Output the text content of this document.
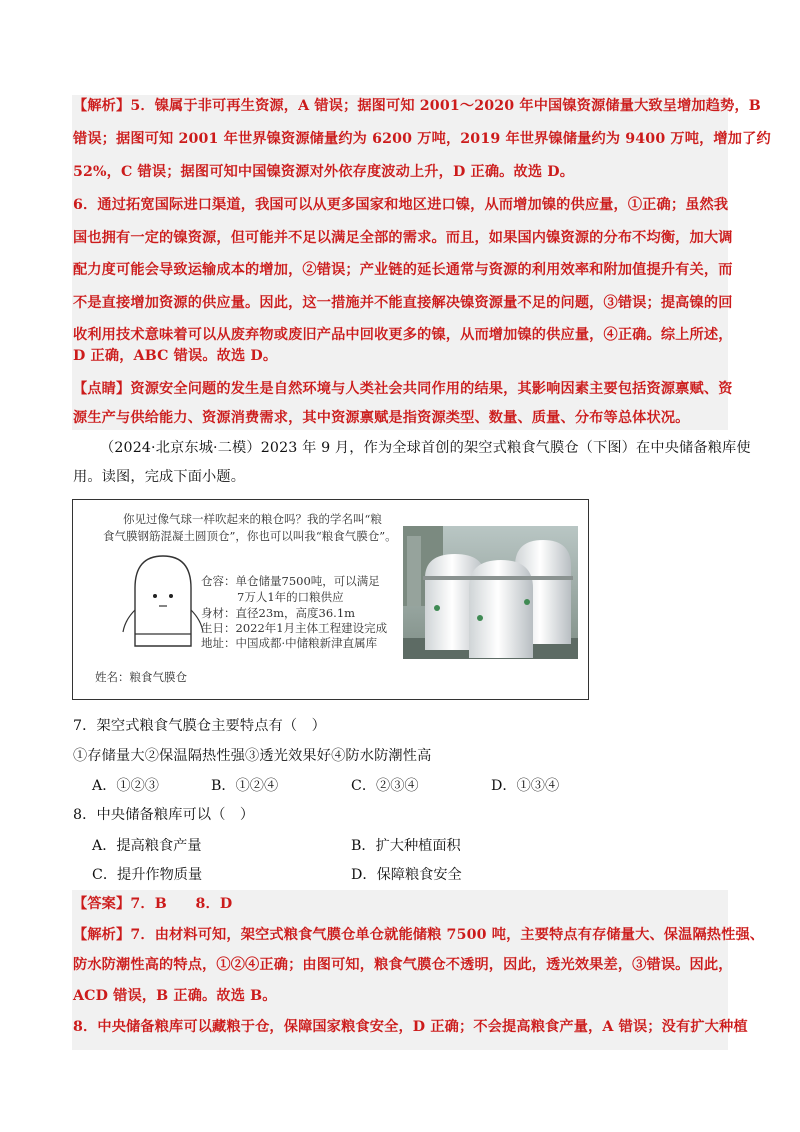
【解析】5．镍属于非可再生资源，A 错误；据图可知 2001～2020 年中国镍资源储量大致呈增加趋势，B
错误；据图可知 2001 年世界镍资源储量约为 6200 万吨，2019 年世界镍储量约为 9400 万吨，增加了约
52%，C 错误；据图可知中国镍资源对外依存度波动上升，D 正确。故选 D。
6．通过拓宽国际进口渠道，我国可以从更多国家和地区进口镍，从而增加镍的供应量，①正确；虽然我
国也拥有一定的镍资源，但可能并不足以满足全部的需求。而且，如果国内镍资源的分布不均衡，加大调
配力度可能会导致运输成本的增加，②错误；产业链的延长通常与资源的利用效率和附加值提升有关，而
不是直接增加资源的供应量。因此，这一措施并不能直接解决镍资源量不足的问题，③错误；提高镍的回
收利用技术意味着可以从废弃物或废旧产品中回收更多的镍，从而增加镍的供应量，④正确。综上所述，
D 正确，ABC 错误。故选 D。
【点睛】资源安全问题的发生是自然环境与人类社会共同作用的结果，其影响因素主要包括资源禀赋、资
源生产与供给能力、资源消费需求，其中资源禀赋是指资源类型、数量、质量、分布等总体状况。
（2024·北京东城·二模）2023 年 9 月，作为全球首创的架空式粮食气膜仓（下图）在中央储备粮库使
用。读图，完成下面小题。
你见过像气球一样吹起来的粮仓吗？我的学名叫“粮
食气膜钢筋混凝土圆顶仓”，你也可以叫我“粮食气膜仓”。
仓容：单仓储量7500吨，可以满足
7万人1年的口粮供应
身材：直径23m，高度36.1m
生日：2022年1月主体工程建设完成
地址：中国成都·中储粮新津直属库
姓名：粮食气膜仓
7．架空式粮食气膜仓主要特点有（　）
①存储量大②保温隔热性强③透光效果好④防水防潮性高
A．①②③	B．①②④	C．②③④	D．①③④
8．中央储备粮库可以（　）
A．提高粮食产量	B．扩大种植面积
C．提升作物质量	D．保障粮食安全
【答案】7．B　　8．D
【解析】7．由材料可知，架空式粮食气膜仓单仓就能储粮 7500 吨，主要特点有存储量大、保温隔热性强、
防水防潮性高的特点，①②④正确；由图可知，粮食气膜仓不透明，因此，透光效果差，③错误。因此，
ACD 错误，B 正确。故选 B。
8．中央储备粮库可以藏粮于仓，保障国家粮食安全，D 正确；不会提高粮食产量，A 错误；没有扩大种植
